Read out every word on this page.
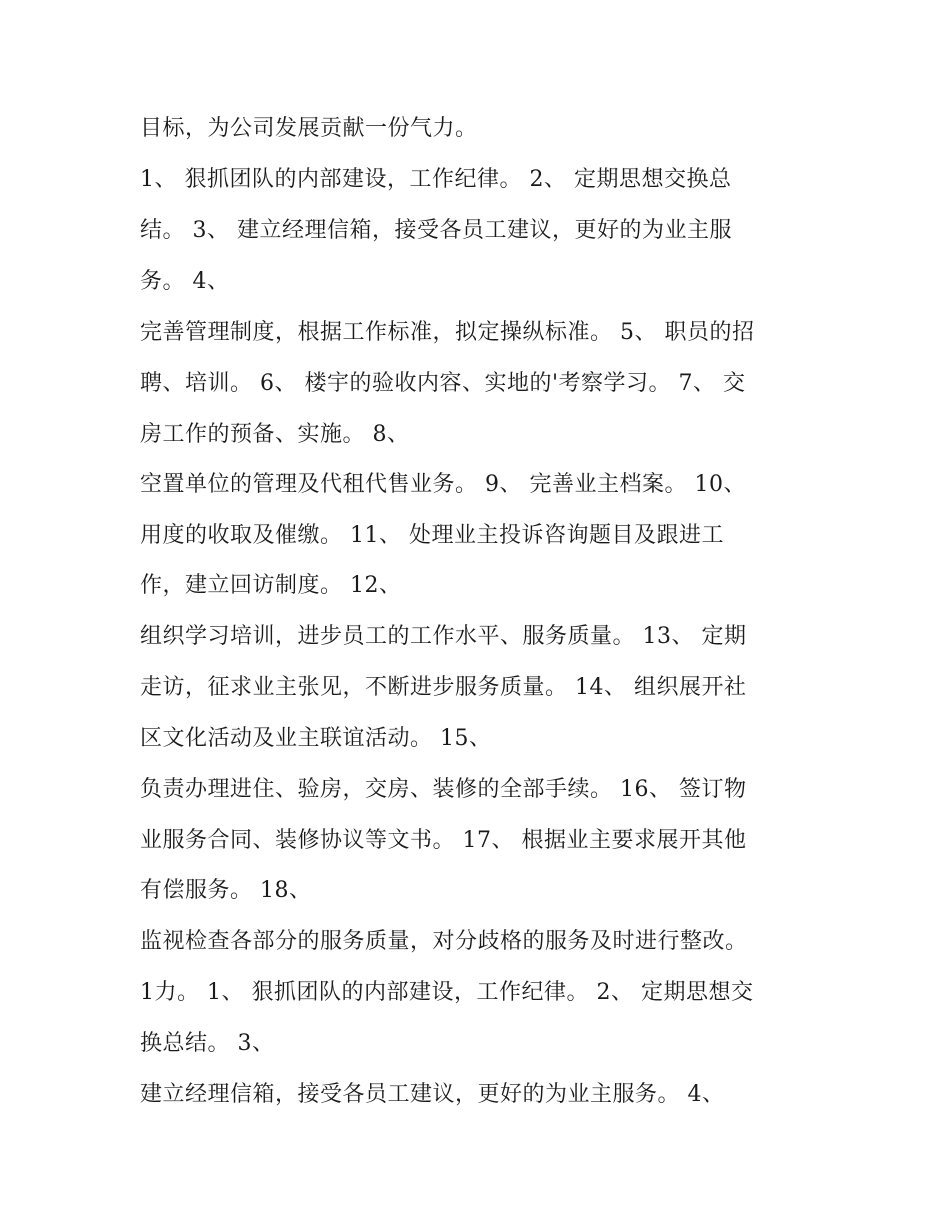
目标，为公司发展贡献一份气力。
1、 狠抓团队的内部建设，工作纪律。 2、 定期思想交换总
结。 3、 建立经理信箱，接受各员工建议，更好的为业主服
务。 4、
完善管理制度，根据工作标准，拟定操纵标准。 5、 职员的招
聘、培训。 6、 楼宇的验收内容、实地的'考察学习。 7、 交
房工作的预备、实施。 8、
空置单位的管理及代租代售业务。 9、 完善业主档案。 10、
用度的收取及催缴。 11、 处理业主投诉咨询题目及跟进工
作，建立回访制度。 12、
组织学习培训，进步员工的工作水平、服务质量。 13、 定期
走访，征求业主张见，不断进步服务质量。 14、 组织展开社
区文化活动及业主联谊活动。 15、
负责办理进住、验房，交房、装修的全部手续。 16、 签订物
业服务合同、装修协议等文书。 17、 根据业主要求展开其他
有偿服务。 18、
监视检查各部分的服务质量，对分歧格的服务及时进行整改。
1力。 1、 狠抓团队的内部建设，工作纪律。 2、 定期思想交
换总结。 3、
建立经理信箱，接受各员工建议，更好的为业主服务。 4、
